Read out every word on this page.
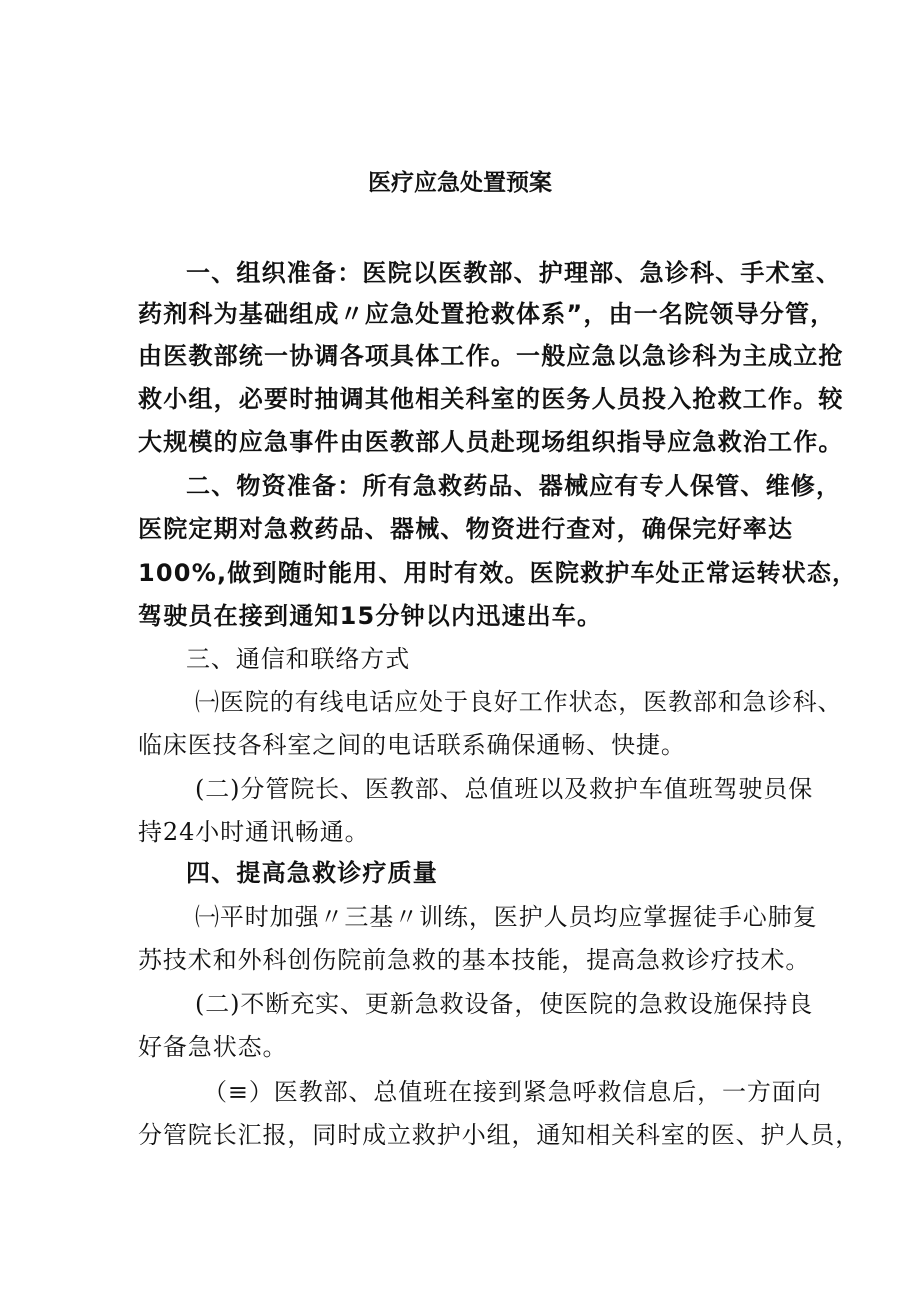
医疗应急处置预案
一、组织准备：医院以医教部、护理部、急诊科、手术室、
药剂科为基础组成〃应急处置抢救体系”，由一名院领导分管，
由医教部统一协调各项具体工作。一般应急以急诊科为主成立抢
救小组，必要时抽调其他相关科室的医务人员投入抢救工作。较
大规模的应急事件由医教部人员赴现场组织指导应急救治工作。
二、物资准备：所有急救药品、器械应有专人保管、维修，
医院定期对急救药品、器械、物资进行查对，确保完好率达
100%,做到随时能用、用时有效。医院救护车处正常运转状态，
驾驶员在接到通知15分钟以内迅速出车。
三、通信和联络方式
㈠医院的有线电话应处于良好工作状态，医教部和急诊科、
临床医技各科室之间的电话联系确保通畅、快捷。
(二)分管院长、医教部、总值班以及救护车值班驾驶员保
持24小时通讯畅通。
四、提高急救诊疗质量
㈠平时加强〃三基〃训练，医护人员均应掌握徒手心肺复
苏技术和外科创伤院前急救的基本技能，提高急救诊疗技术。
(二)不断充实、更新急救设备，使医院的急救设施保持良
好备急状态。
（≡）医教部、总值班在接到紧急呼救信息后，一方面向
分管院长汇报，同时成立救护小组，通知相关科室的医、护人员，
